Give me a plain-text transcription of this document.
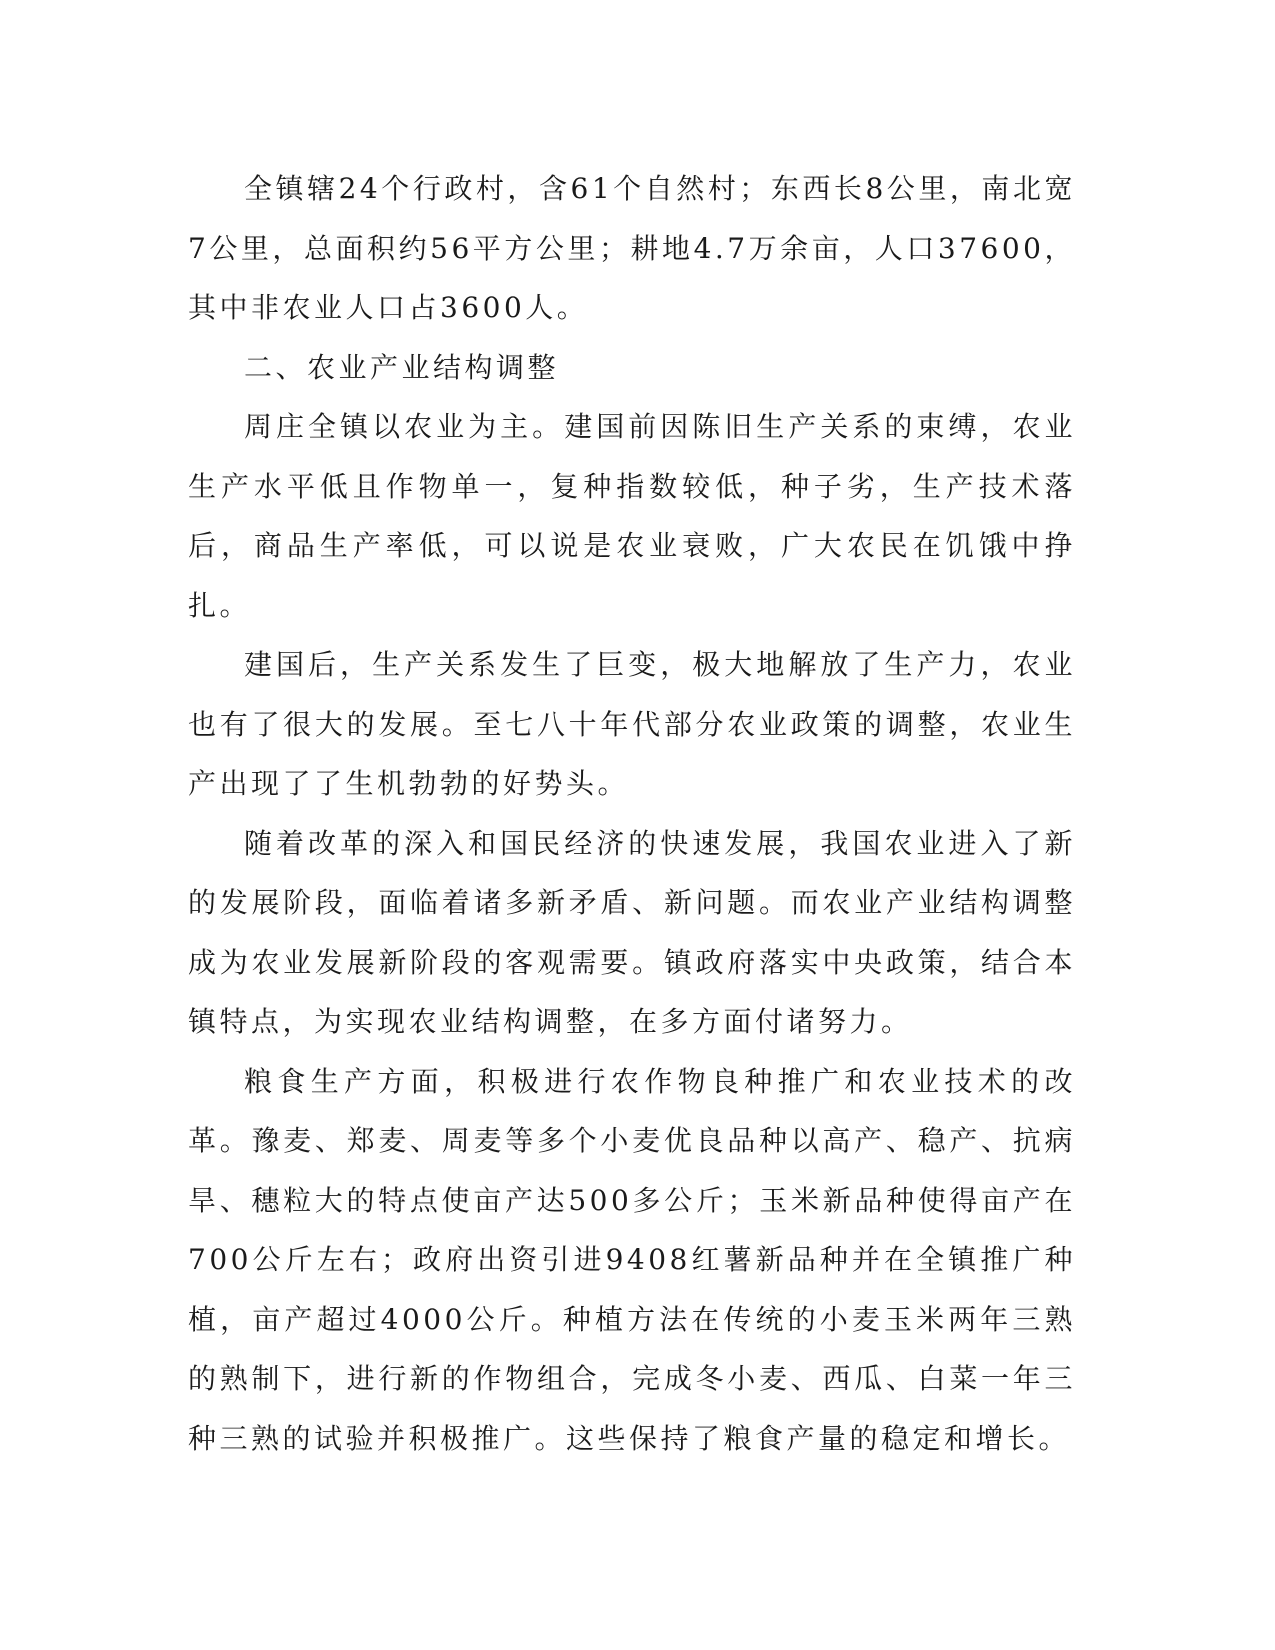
全镇辖24个行政村，含61个自然村；东西长8公里，南北宽7公里，总面积约56平方公里；耕地4.7万余亩，人口37600，其中非农业人口占3600人。

二、农业产业结构调整

周庄全镇以农业为主。建国前因陈旧生产关系的束缚，农业生产水平低且作物单一，复种指数较低，种子劣，生产技术落后，商品生产率低，可以说是农业衰败，广大农民在饥饿中挣扎。

建国后，生产关系发生了巨变，极大地解放了生产力，农业也有了很大的发展。至七八十年代部分农业政策的调整，农业生产出现了了生机勃勃的好势头。

随着改革的深入和国民经济的快速发展，我国农业进入了新的发展阶段，面临着诸多新矛盾、新问题。而农业产业结构调整成为农业发展新阶段的客观需要。镇政府落实中央政策，结合本镇特点，为实现农业结构调整，在多方面付诸努力。

粮食生产方面，积极进行农作物良种推广和农业技术的改革。豫麦、郑麦、周麦等多个小麦优良品种以高产、稳产、抗病旱、穗粒大的特点使亩产达500多公斤；玉米新品种使得亩产在700公斤左右；政府出资引进9408红薯新品种并在全镇推广种植，亩产超过4000公斤。种植方法在传统的小麦玉米两年三熟的熟制下，进行新的作物组合，完成冬小麦、西瓜、白菜一年三种三熟的试验并积极推广。这些保持了粮食产量的稳定和增长。
